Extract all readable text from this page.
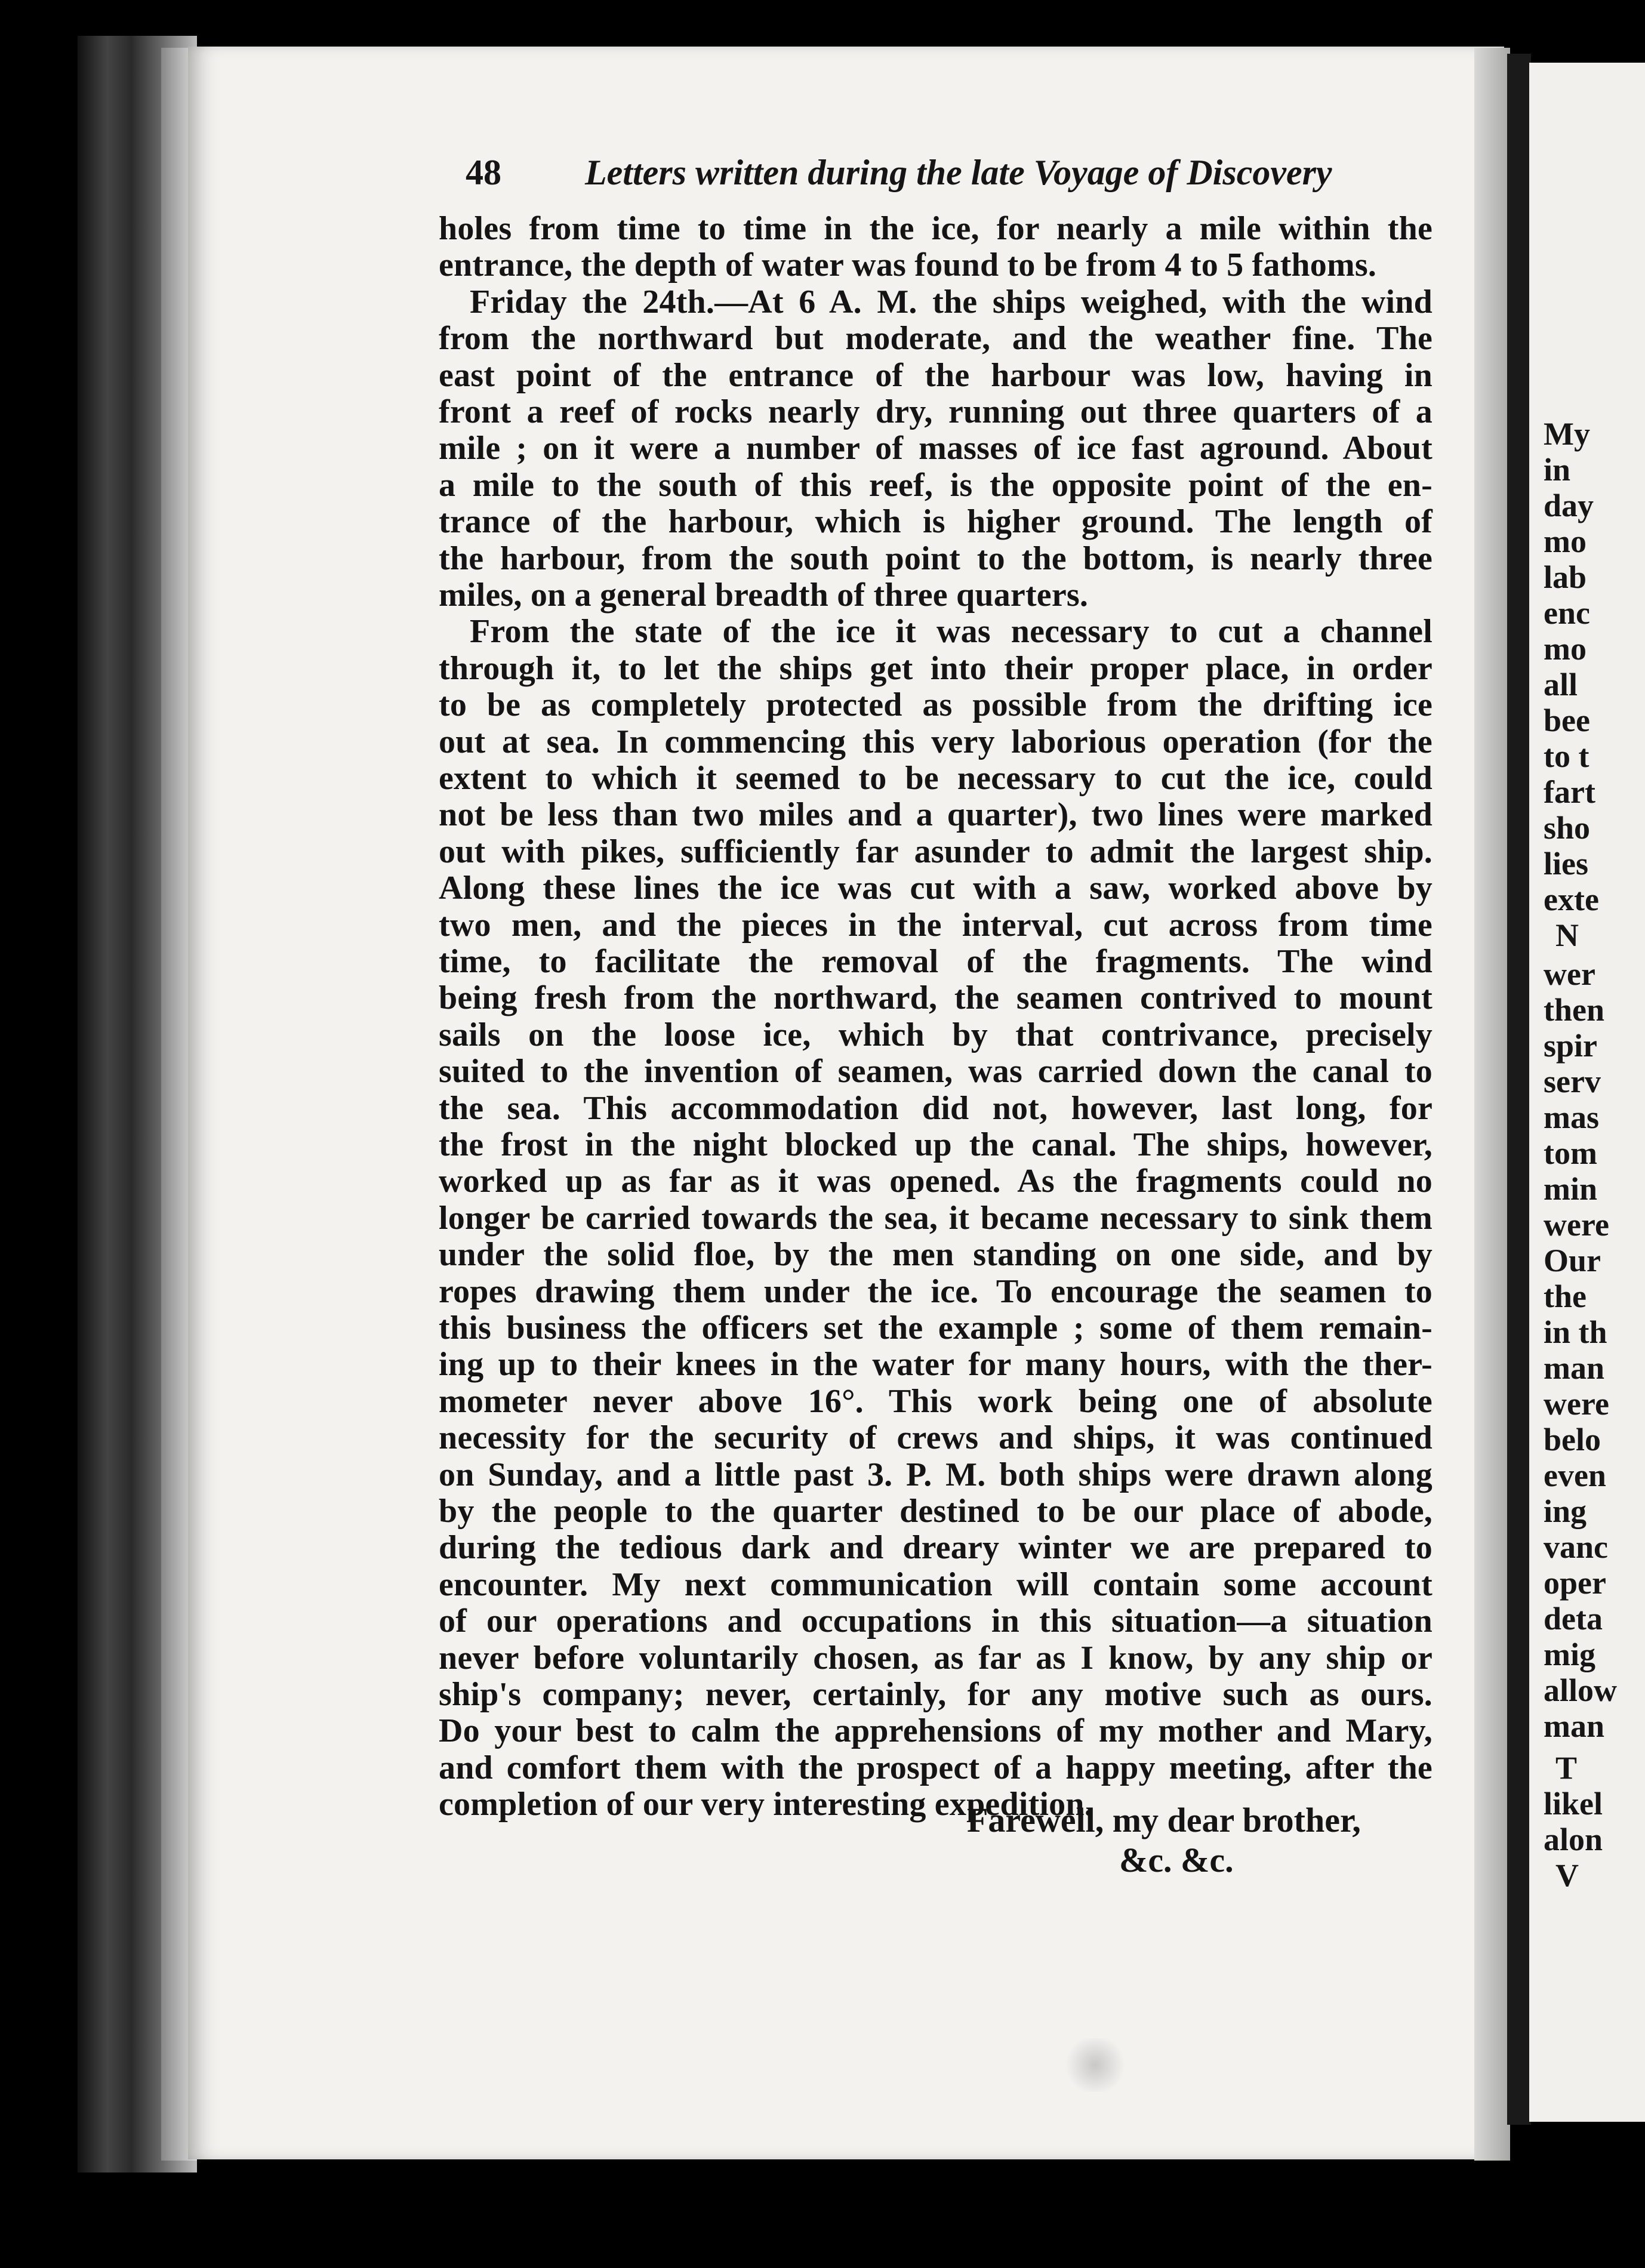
My
in
day
mo
lab
enc
mo
all
bee
to t
fart
sho
lies
exte
N
wer
then
spir
serv
mas
tom
min
were
Our
the
in th
man
were
belo
even
ing
vanc
oper
deta
mig
allow
man
T
likel
alon
V
48 Letters written during the late Voyage of Discovery
holes from time to time in the ice, for nearly a mile within the
entrance, the depth of water was found to be from 4 to 5 fathoms.
Friday the 24th.—At 6 A. M. the ships weighed, with the wind
from the northward but moderate, and the weather fine. The
east point of the entrance of the harbour was low, having in
front a reef of rocks nearly dry, running out three quarters of a
mile ; on it were a number of masses of ice fast aground. About
a mile to the south of this reef, is the opposite point of the en-
trance of the harbour, which is higher ground. The length of
the harbour, from the south point to the bottom, is nearly three
miles, on a general breadth of three quarters.
From the state of the ice it was necessary to cut a channel
through it, to let the ships get into their proper place, in order
to be as completely protected as possible from the drifting ice
out at sea. In commencing this very laborious operation (for the
extent to which it seemed to be necessary to cut the ice, could
not be less than two miles and a quarter), two lines were marked
out with pikes, sufficiently far asunder to admit the largest ship.
Along these lines the ice was cut with a saw, worked above by
two men, and the pieces in the interval, cut across from time
time, to facilitate the removal of the fragments. The wind
being fresh from the northward, the seamen contrived to mount
sails on the loose ice, which by that contrivance, precisely
suited to the invention of seamen, was carried down the canal to
the sea. This accommodation did not, however, last long, for
the frost in the night blocked up the canal. The ships, however,
worked up as far as it was opened. As the fragments could no
longer be carried towards the sea, it became necessary to sink them
under the solid floe, by the men standing on one side, and by
ropes drawing them under the ice. To encourage the seamen to
this business the officers set the example ; some of them remain-
ing up to their knees in the water for many hours, with the ther-
mometer never above 16°. This work being one of absolute
necessity for the security of crews and ships, it was continued
on Sunday, and a little past 3. P. M. both ships were drawn along
by the people to the quarter destined to be our place of abode,
during the tedious dark and dreary winter we are prepared to
encounter. My next communication will contain some account
of our operations and occupations in this situation—a situation
never before voluntarily chosen, as far as I know, by any ship or
ship's company; never, certainly, for any motive such as ours.
Do your best to calm the apprehensions of my mother and Mary,
and comfort them with the prospect of a happy meeting, after the
completion of our very interesting expedition.
Farewell, my dear brother,
&c. &c.
